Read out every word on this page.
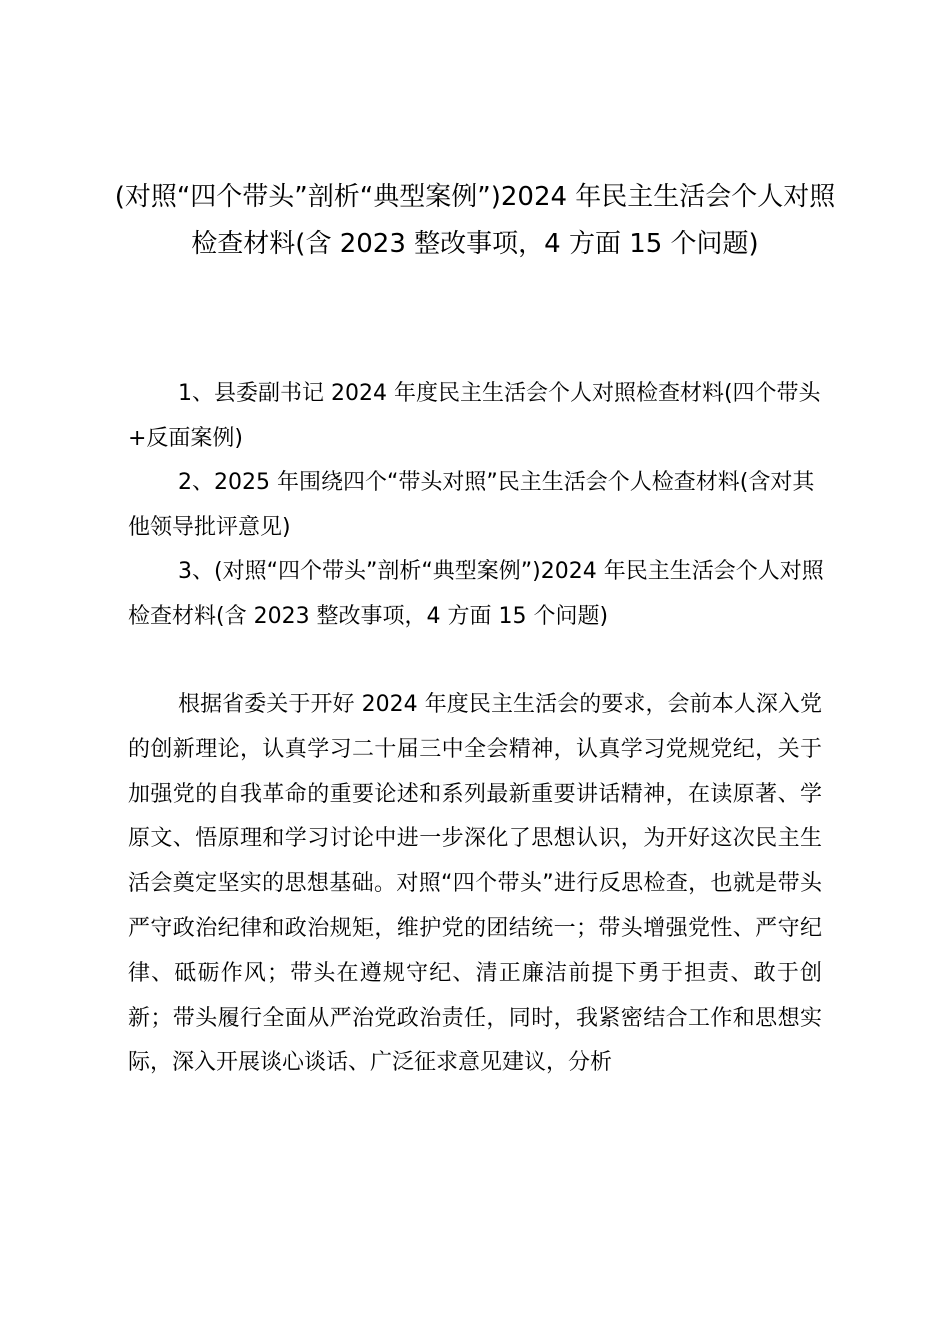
(对照“四个带头”剖析“典型案例”)2024 年民主生活会个人对照检查材料(含 2023 整改事项，4 方面 15 个问题)

1、县委副书记 2024 年度民主生活会个人对照检查材料(四个带头+反面案例)

2、2025 年围绕四个“带头对照”民主生活会个人检查材料(含对其他领导批评意见)

3、(对照“四个带头”剖析“典型案例”)2024 年民主生活会个人对照检查材料(含 2023 整改事项，4 方面 15 个问题)

根据省委关于开好 2024 年度民主生活会的要求，会前本人深入党的创新理论，认真学习二十届三中全会精神，认真学习党规党纪，关于加强党的自我革命的重要论述和系列最新重要讲话精神，在读原著、学原文、悟原理和学习讨论中进一步深化了思想认识，为开好这次民主生活会奠定坚实的思想基础。对照“四个带头”进行反思检查，也就是带头严守政治纪律和政治规矩，维护党的团结统一；带头增强党性、严守纪律、砥砺作风；带头在遵规守纪、清正廉洁前提下勇于担责、敢于创新；带头履行全面从严治党政治责任，同时，我紧密结合工作和思想实际，深入开展谈心谈话、广泛征求意见建议，分析
